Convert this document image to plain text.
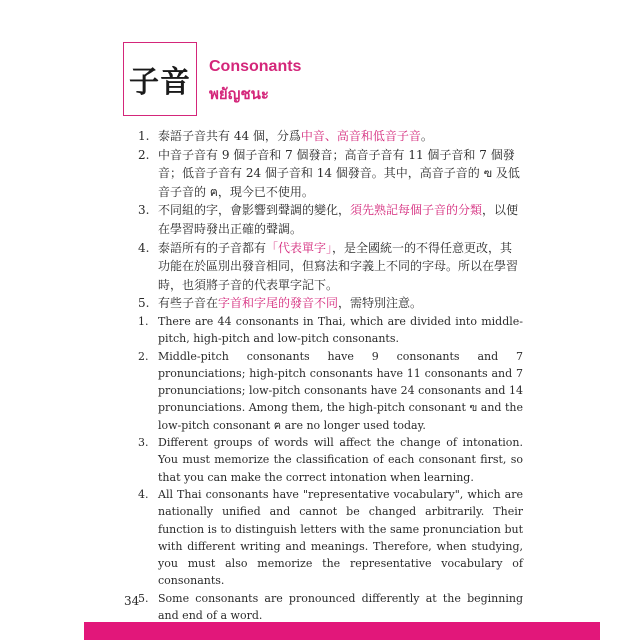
子音 Consonants
พยัญชนะ
1. 泰語子音共有 44 個，分爲中音、高音和低音子音。
2. 中音子音有 9 個子音和 7 個發音；高音子音有 11 個子音和 7 個發音；低音子音有 24 個子音和 14 個發音。其中，高音子音的 ฃ 及低音子音的 ฅ，現今已不使用。
3. 不同組的字，會影響到聲調的變化，須先熟記每個子音的分類，以便在學習時發出正確的聲調。
4. 泰語所有的子音都有「代表單字」，是全國統一的不得任意更改，其功能在於區別出發音相同，但寫法和字義上不同的字母。所以在學習時，也須將子音的代表單字記下。
5. 有些子音在字首和字尾的發音不同，需特別注意。
1. There are 44 consonants in Thai, which are divided into middle-pitch, high-pitch and low-pitch consonants.
2. Middle-pitch consonants have 9 consonants and 7 pronunciations; high-pitch consonants have 11 consonants and 7 pronunciations; low-pitch consonants have 24 consonants and 14 pronunciations. Among them, the high-pitch consonant ฃ and the low-pitch consonant ฅ are no longer used today.
3. Different groups of words will affect the change of intonation. You must memorize the classification of each consonant first, so that you can make the correct intonation when learning.
4. All Thai consonants have "representative vocabulary", which are nationally unified and cannot be changed arbitrarily. Their function is to distinguish letters with the same pronunciation but with different writing and meanings. Therefore, when studying, you must also memorize the representative vocabulary of consonants.
5. Some consonants are pronounced differently at the beginning and end of a word.
34
